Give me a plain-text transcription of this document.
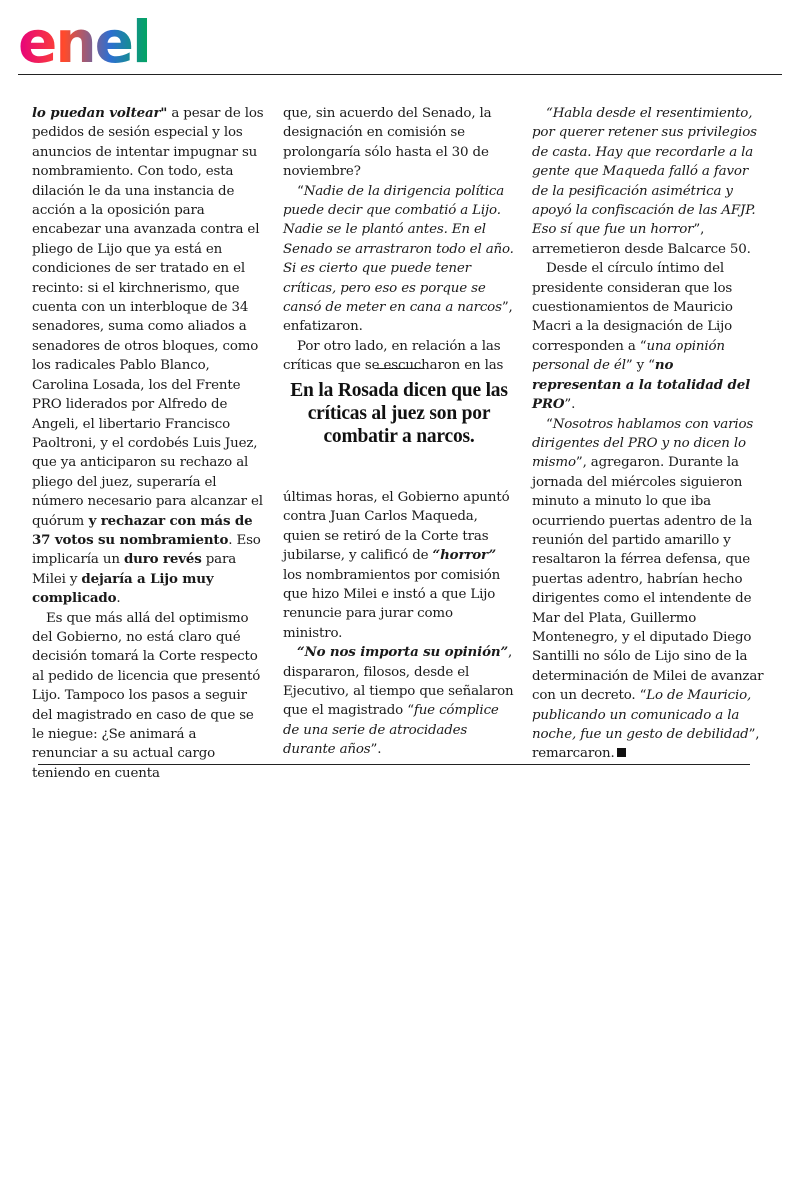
enel

lo puedan voltear" a pesar de los pedidos de sesión especial y los anuncios de intentar impugnar su nombramiento. Con todo, esta dilación le da una instancia de acción a la oposición para encabezar una avanzada contra el pliego de Lijo que ya está en condiciones de ser tratado en el recinto: si el kirchnerismo, que cuenta con un interbloque de 34 senadores, suma como aliados a senadores de otros bloques, como los radicales Pablo Blanco, Carolina Losada, los del Frente PRO liderados por Alfredo de Angeli, el libertario Francisco Paoltroni, y el cordobés Luis Juez, que ya anticiparon su rechazo al pliego del juez, superaría el número necesario para alcanzar el quórum y rechazar con más de 37 votos su nombramiento. Eso implicaría un duro revés para Milei y dejaría a Lijo muy complicado.

Es que más allá del optimismo del Gobierno, no está claro qué decisión tomará la Corte respecto al pedido de licencia que presentó Lijo. Tampoco los pasos a seguir del magistrado en caso de que se le niegue: ¿Se animará a renunciar a su actual cargo teniendo en cuenta

que, sin acuerdo del Senado, la designación en comisión se prolongaría sólo hasta el 30 de noviembre?

“Nadie de la dirigencia política puede decir que combatió a Lijo. Nadie se le plantó antes. En el Senado se arrastraron todo el año. Si es cierto que puede tener críticas, pero eso es porque se cansó de meter en cana a narcos”, enfatizaron.

Por otro lado, en relación a las críticas que se escucharon en las

En la Rosada dicen que las críticas al juez son por combatir a narcos.

últimas horas, el Gobierno apuntó contra Juan Carlos Maqueda, quien se retiró de la Corte tras jubilarse, y calificó de “horror” los nombramientos por comisión que hizo Milei e instó a que Lijo renuncie para jurar como ministro.

“No nos importa su opinión”, dispararon, filosos, desde el Ejecutivo, al tiempo que señalaron que el magistrado “fue cómplice de una serie de atrocidades durante años”.

“Habla desde el resentimiento, por querer retener sus privilegios de casta. Hay que recordarle a la gente que Maqueda falló a favor de la pesificación asimétrica y apoyó la confiscación de las AFJP. Eso sí que fue un horror”, arremetieron desde Balcarce 50.

Desde el círculo íntimo del presidente consideran que los cuestionamientos de Mauricio Macri a la designación de Lijo corresponden a “una opinión personal de él” y “no representan a la totalidad del PRO”.

“Nosotros hablamos con varios dirigentes del PRO y no dicen lo mismo”, agregaron. Durante la jornada del miércoles siguieron minuto a minuto lo que iba ocurriendo puertas adentro de la reunión del partido amarillo y resaltaron la férrea defensa, que puertas adentro, habrían hecho dirigentes como el intendente de Mar del Plata, Guillermo Montenegro, y el diputado Diego Santilli no sólo de Lijo sino de la determinación de Milei de avanzar con un decreto. “Lo de Mauricio, publicando un comunicado a la noche, fue un gesto de debilidad”, remarcaron.
